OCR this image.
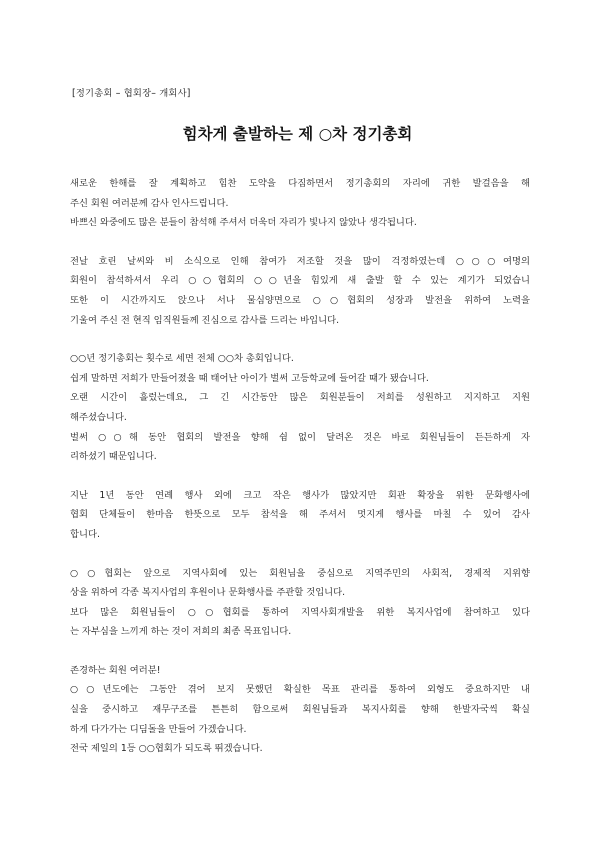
[정기총회 – 협회장– 개회사]
힘차게 출발하는 제 ○차 정기총회
새로운 한해를 잘 계획하고 힘찬 도약을 다짐하면서 정기총회의 자리에 귀한 발걸음을 해
주신 회원 여러분께 감사 인사드립니다.
바쁘신 와중에도 많은 분들이 참석해 주셔서 더욱더 자리가 빛나지 않았나 생각됩니다.
전날 흐린 날씨와 비 소식으로 인해 참여가 저조할 것을 많이 걱정하였는데 ○○○여명의
회원이 참석하셔서 우리 ○○협회의 ○○년을 힘있게 새 출발 할 수 있는 계기가 되었습니
또한 이 시간까지도 앉으나 서나 물심양면으로 ○○협회의 성장과 발전을 위하여 노력을
기울여 주신 전 현직 임직원들께 진심으로 감사를 드리는 바입니다.
○○년 정기총회는 횟수로 세면 전체 ○○차 총회입니다.
쉽게 말하면 저희가 만들어졌을 때 태어난 아이가 벌써 고등학교에 들어갈 때가 됐습니다.
오랜 시간이 흘렀는데요, 그 긴 시간동안 많은 회원분들이 저희를 성원하고 지지하고 지원
해주셨습니다.
벌써 ○○해 동안 협회의 발전을 향해 쉼 없이 달려온 것은 바로 회원님들이 든든하게 자
리하셨기 때문입니다.
지난 1년 동안 연례 행사 외에 크고 작은 행사가 많았지만 회관 확장을 위한 문화행사에
협회 단체들이 한마음 한뜻으로 모두 참석을 해 주셔서 멋지게 행사를 마칠 수 있어 감사
합니다.
○○협회는 앞으로 지역사회에 있는 회원님을 중심으로 지역주민의 사회적, 경제적 지위향
상을 위하여 각종 복지사업의 후원이나 문화행사를 주관할 것입니다.
보다 많은 회원님들이 ○○협회를 통하여 지역사회개발을 위한 복지사업에 참여하고 있다
는 자부심을 느끼게 하는 것이 저희의 최종 목표입니다.
존경하는 회원 여러분!
○○년도에는 그동안 겪어 보지 못했던 확실한 목표 관리를 통하여 외형도 중요하지만 내
실을 중시하고 재무구조를 튼튼히 함으로써 회원님들과 복지사회를 향해 한발자국씩 확실
하게 다가가는 디딤돌을 만들어 가겠습니다.
전국 제일의 1등 ○○협회가 되도록 뛰겠습니다.
